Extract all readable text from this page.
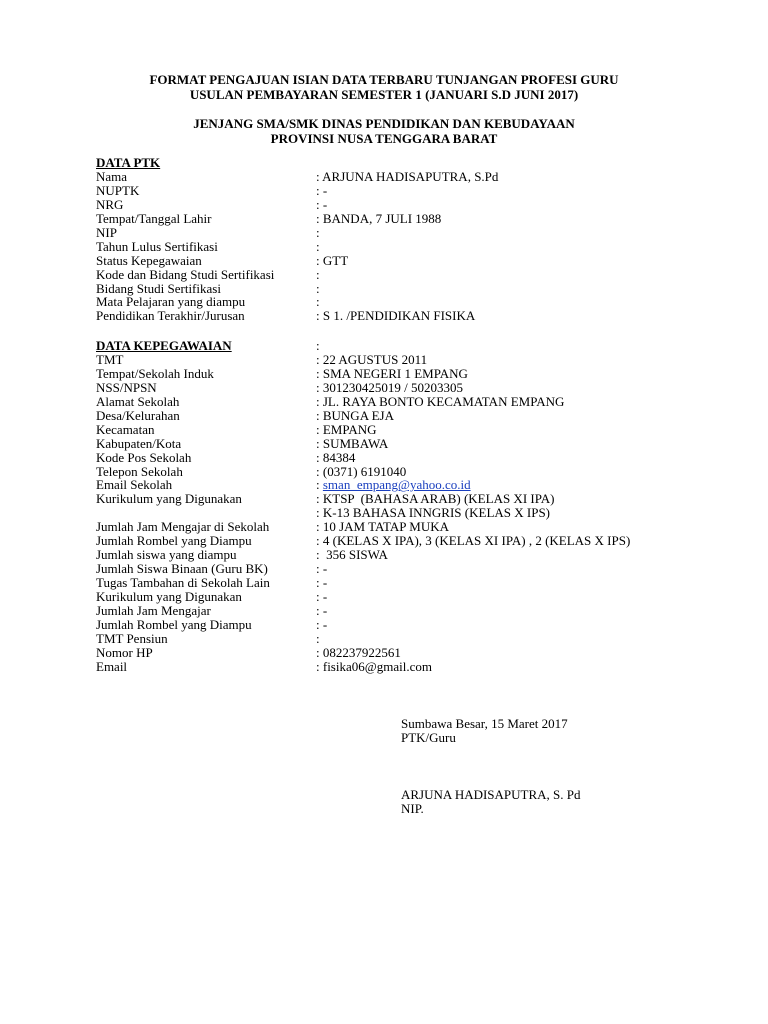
FORMAT PENGAJUAN ISIAN DATA TERBARU TUNJANGAN PROFESI GURU
USULAN PEMBAYARAN SEMESTER 1 (JANUARI S.D JUNI 2017)
JENJANG SMA/SMK DINAS PENDIDIKAN DAN KEBUDAYAAN
PROVINSI NUSA TENGGARA BARAT
DATA PTK
Nama	: ARJUNA HADISAPUTRA, S.Pd
NUPTK	: -
NRG	: -
Tempat/Tanggal Lahir	: BANDA, 7 JULI 1988
NIP	:
Tahun Lulus Sertifikasi	:
Status Kepegawaian	: GTT
Kode dan Bidang Studi Sertifikasi	:
Bidang Studi Sertifikasi	:
Mata Pelajaran yang diampu	:
Pendidikan Terakhir/Jurusan	: S 1. /PENDIDIKAN FISIKA
DATA KEPEGAWAIAN	:
TMT	: 22 AGUSTUS 2011
Tempat/Sekolah Induk	: SMA NEGERI 1 EMPANG
NSS/NPSN	: 301230425019 / 50203305
Alamat Sekolah	: JL. RAYA BONTO KECAMATAN EMPANG
Desa/Kelurahan	: BUNGA EJA
Kecamatan	: EMPANG
Kabupaten/Kota	: SUMBAWA
Kode Pos Sekolah	: 84384
Telepon Sekolah	: (0371) 6191040
Email Sekolah	: sman_empang@yahoo.co.id
Kurikulum yang Digunakan	: KTSP  (BAHASA ARAB) (KELAS XI IPA)
: K-13 BAHASA INNGRIS (KELAS X IPS)
Jumlah Jam Mengajar di Sekolah	: 10 JAM TATAP MUKA
Jumlah Rombel yang Diampu	: 4 (KELAS X IPA), 3 (KELAS XI IPA) , 2 (KELAS X IPS)
Jumlah siswa yang diampu	:  356 SISWA
Jumlah Siswa Binaan (Guru BK)	: -
Tugas Tambahan di Sekolah Lain	: -
Kurikulum yang Digunakan	: -
Jumlah Jam Mengajar	: -
Jumlah Rombel yang Diampu	: -
TMT Pensiun	:
Nomor HP	: 082237922561
Email	: fisika06@gmail.com
Sumbawa Besar, 15 Maret 2017
PTK/Guru
ARJUNA HADISAPUTRA, S. Pd
NIP.
